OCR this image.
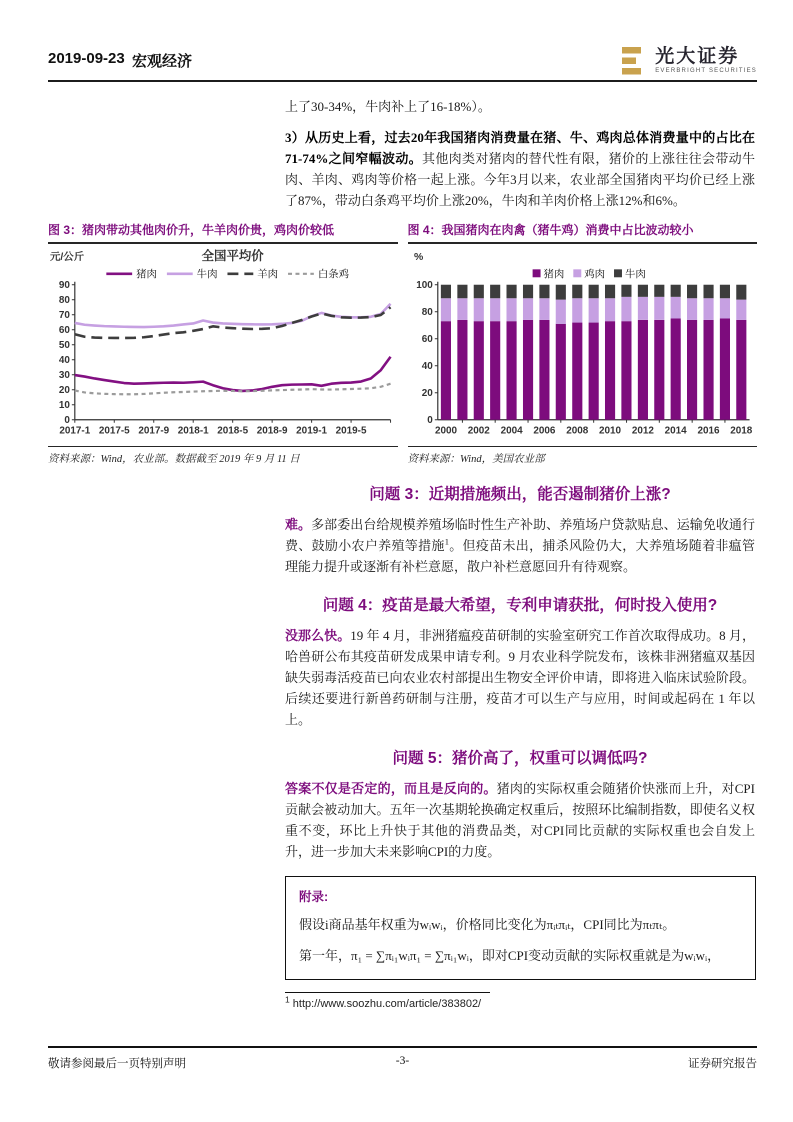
2019-09-23 宏观经济	光大证券
EVERBRIGHT SECURITIES
上了30-34%，牛肉补上了16-18%）。

3）从历史上看，过去20年我国猪肉消费量在猪、牛、鸡肉总体消费量中的占比在71-74%之间窄幅波动。其他肉类对猪肉的替代性有限，猪价的上涨往往会带动牛肉、羊肉、鸡肉等价格一起上涨。今年3月以来，农业部全国猪肉平均价已经上涨了87%，带动白条鸡平均价上涨20%，牛肉和羊肉价格上涨12%和6%。

图 3：猪肉带动其他肉价升，牛羊肉价贵，鸡肉价较低
全国平均价
元/公斤
0
10
20
30
40
50
60
70
80
90
2017-1 2017-5 2017-9 2018-1 2018-5 2018-9 2019-1 2019-5
猪肉	牛肉	羊肉	白条鸡
资料来源：Wind，农业部。数据截至 2019 年 9 月 11 日
图 4：我国猪肉在肉禽（猪牛鸡）消费中占比波动较小
%
0
20
40
60
80
100
2000 2002 2004 2006 2008 2010 2012 2014 2016 2018
猪肉 鸡肉 牛肉
资料来源：Wind，美国农业部
问题 3：近期措施频出，能否遏制猪价上涨?

难。多部委出台给规模养殖场临时性生产补助、养殖场户贷款贴息、运输免收通行费、鼓励小农户养殖等措施$^1$。但疫苗未出，捕杀风险仍大，大养殖场随着非瘟管理能力提升或逐渐有补栏意愿，散户补栏意愿回升有待观察。

问题 4：疫苗是最大希望，专利申请获批，何时投入使用?

没那么快。19 年 4 月，非洲猪瘟疫苗研制的实验室研究工作首次取得成功。8 月，哈兽研公布其疫苗研发成果申请专利。9 月农业科学院发布，该株非洲猪瘟双基因缺失弱毒活疫苗已向农业农村部提出生物安全评价申请，即将进入临床试验阶段。后续还要进行新兽药研制与注册，疫苗才可以生产与应用，时间或起码在 1 年以上。

问题 5：猪价高了，权重可以调低吗?

答案不仅是否定的，而且是反向的。猪肉的实际权重会随猪价快涨而上升，对CPI贡献会被动加大。五年一次基期轮换确定权重后，按照环比编制指数，即使名义权重不变，环比上升快于其他的消费品类，对CPI同比贡献的实际权重也会自发上升，进一步加大未来影响CPI的力度。

附录:

假设i商品基年权重为wᵢwᵢ，价格同比变化为πᵢₜπᵢₜ，CPI同比为πₜπₜ。

第一年，π₁ = ∑πᵢ₁wᵢπ₁ = ∑πᵢ₁wᵢ，即对CPI变动贡献的实际权重就是为wᵢwᵢ，

$^1$ http://www.soozhu.com/article/383802/
敬请参阅最后一页特别声明	-3-	证券研究报告
